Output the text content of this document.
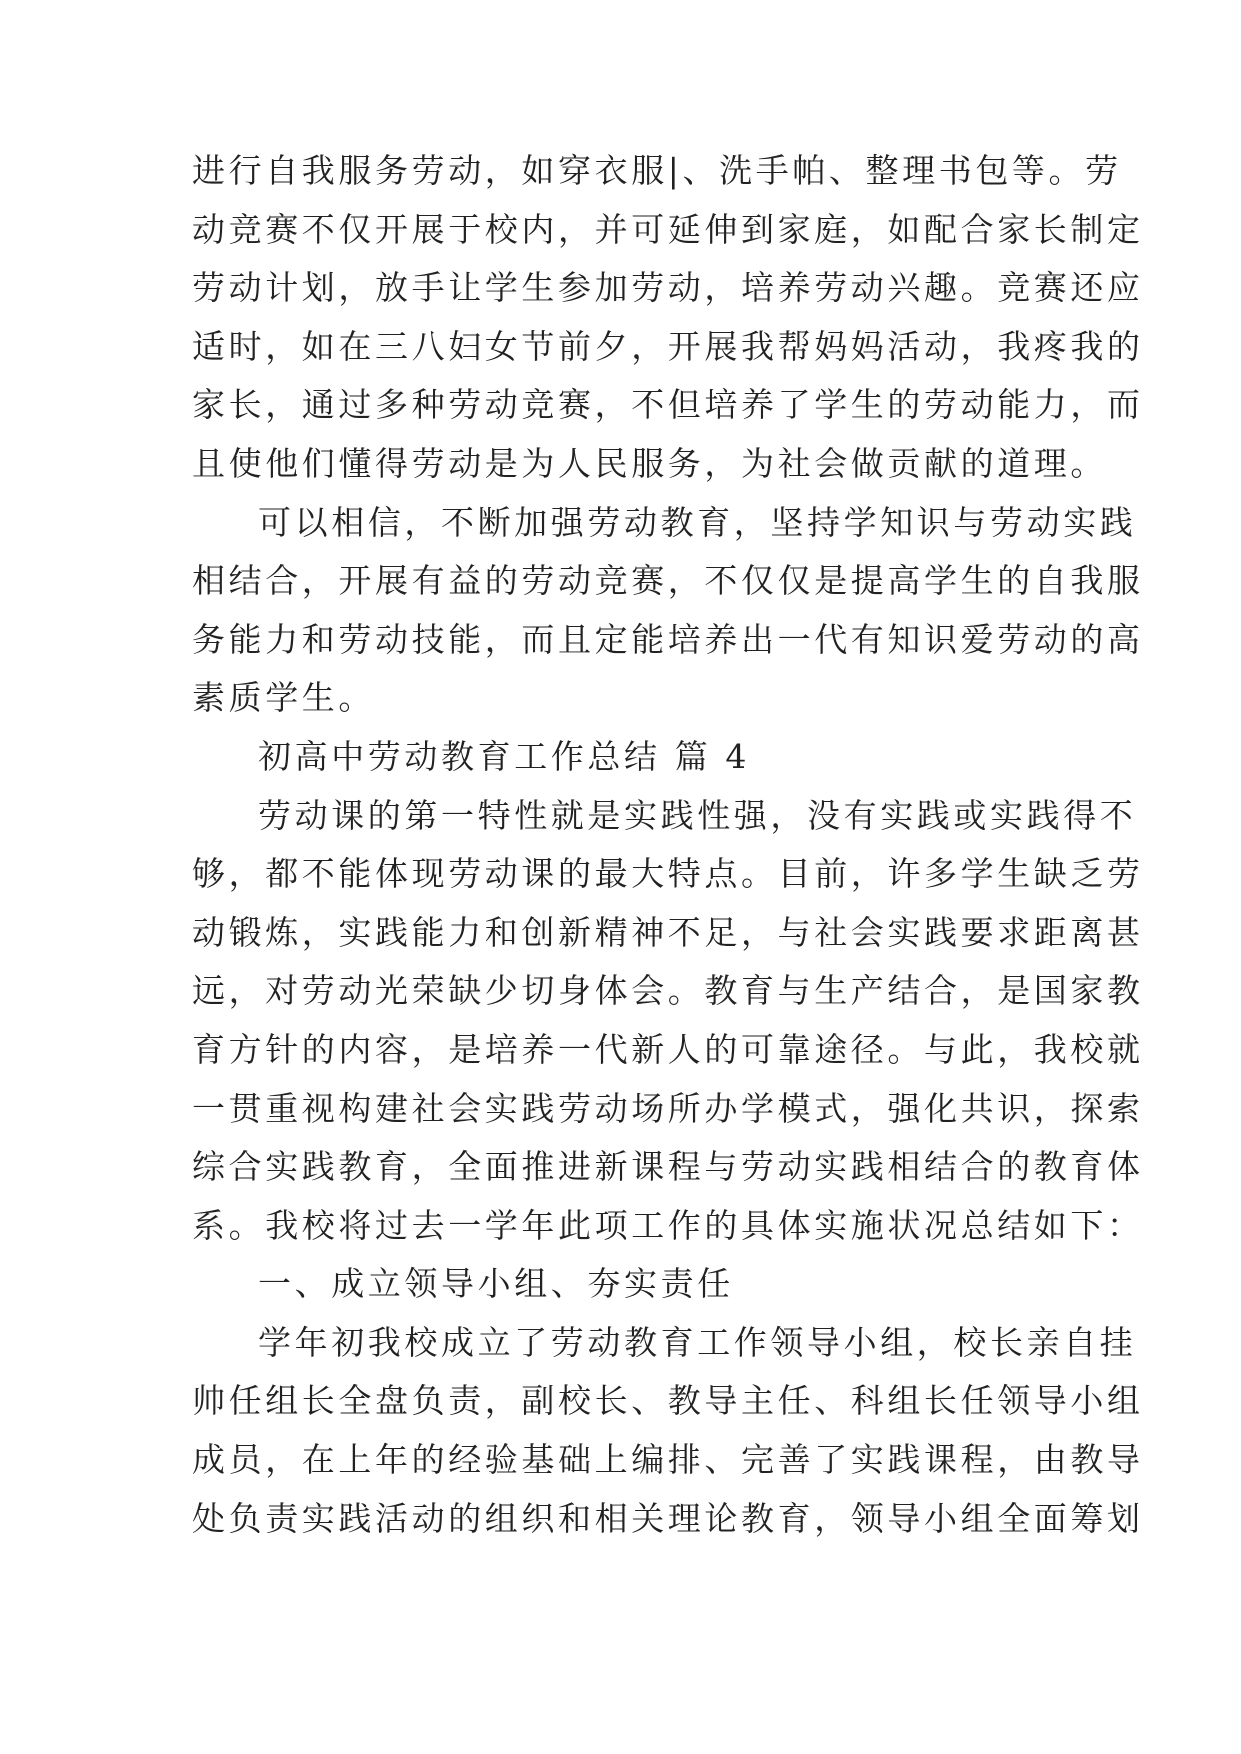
进行自我服务劳动，如穿衣服|、洗手帕、整理书包等。劳
动竞赛不仅开展于校内，并可延伸到家庭，如配合家长制定
劳动计划，放手让学生参加劳动，培养劳动兴趣。竞赛还应
适时，如在三八妇女节前夕，开展我帮妈妈活动，我疼我的
家长，通过多种劳动竞赛，不但培养了学生的劳动能力，而
且使他们懂得劳动是为人民服务，为社会做贡献的道理。
可以相信，不断加强劳动教育，坚持学知识与劳动实践
相结合，开展有益的劳动竞赛，不仅仅是提高学生的自我服
务能力和劳动技能，而且定能培养出一代有知识爱劳动的高
素质学生。
初高中劳动教育工作总结 篇 4
劳动课的第一特性就是实践性强，没有实践或实践得不
够，都不能体现劳动课的最大特点。目前，许多学生缺乏劳
动锻炼，实践能力和创新精神不足，与社会实践要求距离甚
远，对劳动光荣缺少切身体会。教育与生产结合，是国家教
育方针的内容，是培养一代新人的可靠途径。与此，我校就
一贯重视构建社会实践劳动场所办学模式，强化共识，探索
综合实践教育，全面推进新课程与劳动实践相结合的教育体
系。我校将过去一学年此项工作的具体实施状况总结如下：
一、成立领导小组、夯实责任
学年初我校成立了劳动教育工作领导小组，校长亲自挂
帅任组长全盘负责，副校长、教导主任、科组长任领导小组
成员，在上年的经验基础上编排、完善了实践课程，由教导
处负责实践活动的组织和相关理论教育，领导小组全面筹划
